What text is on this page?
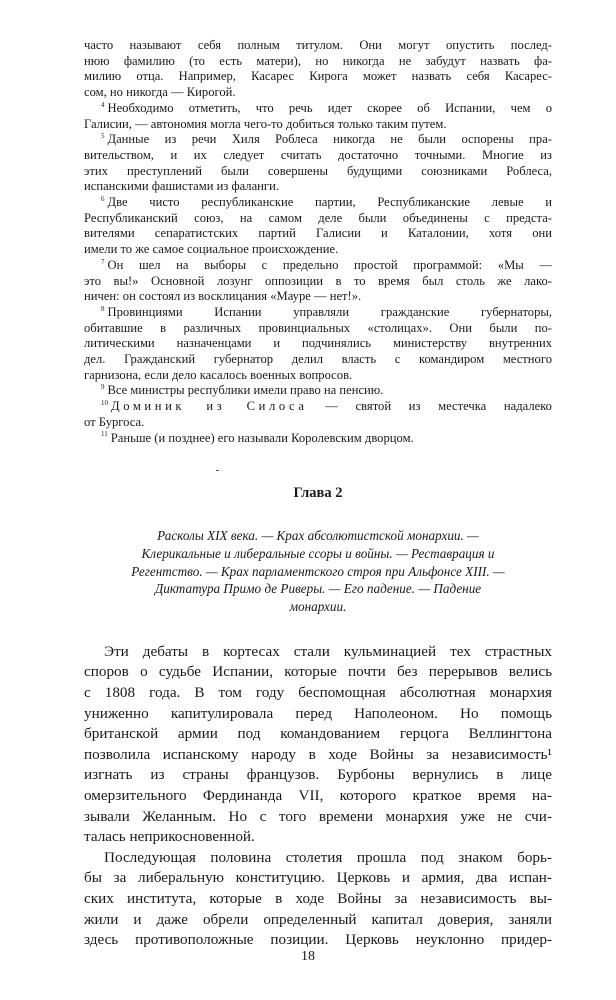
часто называют себя полным титулом. Они могут опустить послед-
нюю фамилию (то есть матери), но никогда не забудут назвать фа-
милию отца. Например, Касарес Кирога может назвать себя Касарес-
сом, но никогда — Кирогой.
$^4$ Необходимо отметить, что речь идет скорее об Испании, чем о
Галисии, — автономия могла чего-то добиться только таким путем.
$^5$ Данные из речи Хиля Роблеса никогда не были оспорены пра-
вительством, и их следует считать достаточно точными. Многие из
этих преступлений были совершены будущими союзниками Роблеса,
испанскими фашистами из фаланги.
$^6$ Две чисто республиканские партии, Республиканские левые и
Республиканский союз, на самом деле были объединены с предста-
вителями сепаратистских партий Галисии и Каталонии, хотя они
имели то же самое социальное происхождение.
$^7$ Он шел на выборы с предельно простой программой: «Мы —
это вы!» Основной лозунг оппозиции в то время был столь же лако-
ничен: он состоял из восклицания «Мауре — нет!».
$^8$ Провинциями Испании управляли гражданские губернаторы,
обитавшие в различных провинциальных «столицах». Они были по-
литическими назначенцами и подчинялись министерству внутренних
дел. Гражданский губернатор делил власть с командиром местного
гарнизона, если дело касалось военных вопросов.
$^9$ Все министры республики имели право на пенсию.
$^{10}$ Доминик из Силоса — святой из местечка надалеко
от Бургоса.
$^{11}$ Раньше (и позднее) его называли Королевским дворцом.
Глава 2
Расколы XIX века. — Крах абсолютистской монархии. —
Клерикальные и либеральные ссоры и войны. — Реставрация и
Регентство. — Крах парламентского строя при Альфонсе XIII. —
Диктатура Примо де Риверы. — Его падение. — Падение
монархии.
Эти дебаты в кортесах стали кульминацией тех страстных
споров о судьбе Испании, которые почти без перерывов велись
с 1808 года. В том году беспомощная абсолютная монархия
униженно капитулировала перед Наполеоном. Но помощь
британской армии под командованием герцога Веллингтона
позволила испанскому народу в ходе Войны за независимость¹
изгнать из страны французов. Бурбоны вернулись в лице
омерзительного Фердинанда VII, которого краткое время на-
зывали Желанным. Но с того времени монархия уже не счи-
талась неприкосновенной.
Последующая половина столетия прошла под знаком борь-
бы за либеральную конституцию. Церковь и армия, два испан-
ских института, которые в ходе Войны за независимость вы-
жили и даже обрели определенный капитал доверия, заняли
здесь противоположные позиции. Церковь неуклонно придер-
18
